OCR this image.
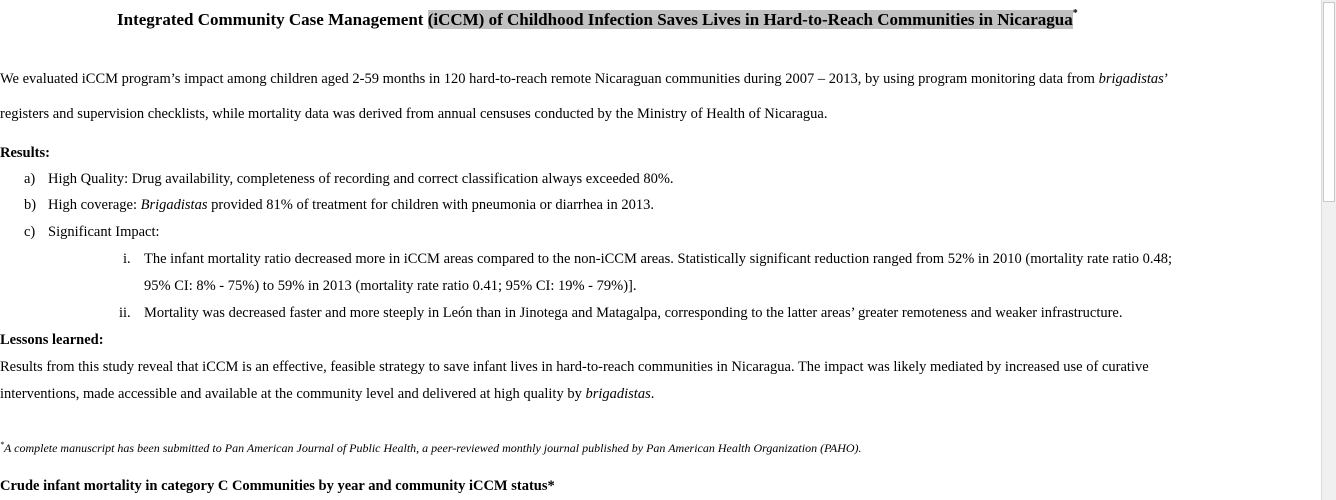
Integrated Community Case Management (iCCM) of Childhood Infection Saves Lives in Hard-to-Reach Communities in Nicaragua*
We evaluated iCCM program’s impact among children aged 2-59 months in 120 hard-to-reach remote Nicaraguan communities during 2007 – 2013, by using program monitoring data from brigadistas’
registers and supervision checklists, while mortality data was derived from annual censuses conducted by the Ministry of Health of Nicaragua.
Results:
a) High Quality: Drug availability, completeness of recording and correct classification always exceeded 80%.
b) High coverage: Brigadistas provided 81% of treatment for children with pneumonia or diarrhea in 2013.
c) Significant Impact:
i. The infant mortality ratio decreased more in iCCM areas compared to the non-iCCM areas. Statistically significant reduction ranged from 52% in 2010 (mortality rate ratio 0.48;
95% CI: 8% - 75%) to 59% in 2013 (mortality rate ratio 0.41; 95% CI: 19% - 79%)].
ii. Mortality was decreased faster and more steeply in León than in Jinotega and Matagalpa, corresponding to the latter areas’ greater remoteness and weaker infrastructure.
Lessons learned:
Results from this study reveal that iCCM is an effective, feasible strategy to save infant lives in hard-to-reach communities in Nicaragua. The impact was likely mediated by increased use of curative
interventions, made accessible and available at the community level and delivered at high quality by brigadistas.
*A complete manuscript has been submitted to Pan American Journal of Public Health, a peer-reviewed monthly journal published by Pan American Health Organization (PAHO).
Crude infant mortality in category C Communities by year and community iCCM status*
